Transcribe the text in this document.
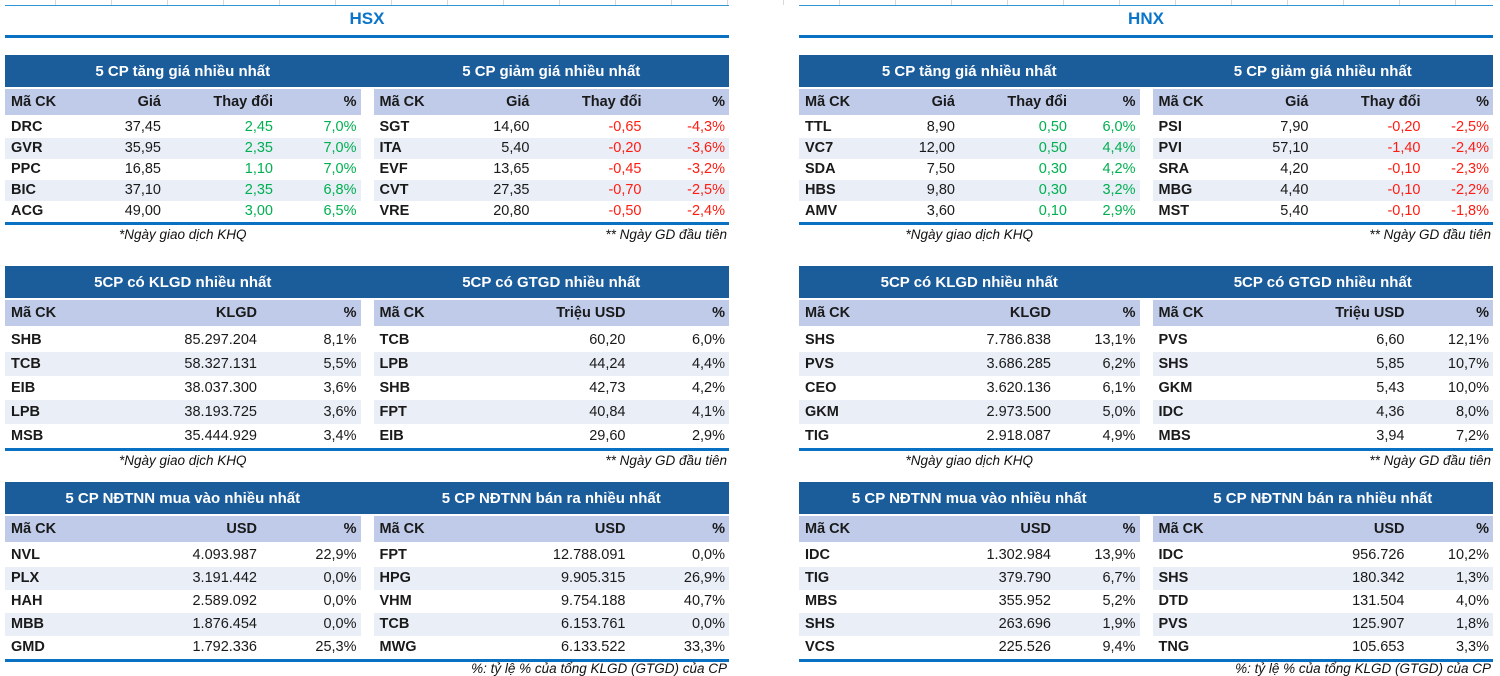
HSX
5 CP tăng giá nhiều nhất	5 CP giảm giá nhiều nhất
Mã CK	Giá	Thay đổi	%
DRC	37,45	2,45	7,0%
GVR	35,95	2,35	7,0%
PPC	16,85	1,10	7,0%
BIC	37,10	2,35	6,8%
ACG	49,00	3,00	6,5%
Mã CK	Giá	Thay đổi	%
SGT	14,60	-0,65	-4,3%
ITA	5,40	-0,20	-3,6%
EVF	13,65	-0,45	-3,2%
CVT	27,35	-0,70	-2,5%
VRE	20,80	-0,50	-2,4%
*Ngày giao dịch KHQ	** Ngày GD đầu tiên
5CP có KLGD nhiều nhất	5CP có GTGD nhiều nhất
Mã CK	KLGD	%
SHB	85.297.204	8,1%
TCB	58.327.131	5,5%
EIB	38.037.300	3,6%
LPB	38.193.725	3,6%
MSB	35.444.929	3,4%
Mã CK	Triệu USD	%
TCB	60,20	6,0%
LPB	44,24	4,4%
SHB	42,73	4,2%
FPT	40,84	4,1%
EIB	29,60	2,9%
*Ngày giao dịch KHQ	** Ngày GD đầu tiên
5 CP NĐTNN mua vào nhiều nhất	5 CP NĐTNN bán ra nhiều nhất
Mã CK	USD	%
NVL	4.093.987	22,9%
PLX	3.191.442	0,0%
HAH	2.589.092	0,0%
MBB	1.876.454	0,0%
GMD	1.792.336	25,3%
Mã CK	USD	%
FPT	12.788.091	0,0%
HPG	9.905.315	26,9%
VHM	9.754.188	40,7%
TCB	6.153.761	0,0%
MWG	6.133.522	33,3%
%: tỷ lệ % của tổng KLGD (GTGD) của CP
HNX
5 CP tăng giá nhiều nhất	5 CP giảm giá nhiều nhất
Mã CK	Giá	Thay đổi	%
TTL	8,90	0,50	6,0%
VC7	12,00	0,50	4,4%
SDA	7,50	0,30	4,2%
HBS	9,80	0,30	3,2%
AMV	3,60	0,10	2,9%
Mã CK	Giá	Thay đổi	%
PSI	7,90	-0,20	-2,5%
PVI	57,10	-1,40	-2,4%
SRA	4,20	-0,10	-2,3%
MBG	4,40	-0,10	-2,2%
MST	5,40	-0,10	-1,8%
*Ngày giao dịch KHQ	** Ngày GD đầu tiên
5CP có KLGD nhiều nhất	5CP có GTGD nhiều nhất
Mã CK	KLGD	%
SHS	7.786.838	13,1%
PVS	3.686.285	6,2%
CEO	3.620.136	6,1%
GKM	2.973.500	5,0%
TIG	2.918.087	4,9%
Mã CK	Triệu USD	%
PVS	6,60	12,1%
SHS	5,85	10,7%
GKM	5,43	10,0%
IDC	4,36	8,0%
MBS	3,94	7,2%
*Ngày giao dịch KHQ	** Ngày GD đầu tiên
5 CP NĐTNN mua vào nhiều nhất	5 CP NĐTNN bán ra nhiều nhất
Mã CK	USD	%
IDC	1.302.984	13,9%
TIG	379.790	6,7%
MBS	355.952	5,2%
SHS	263.696	1,9%
VCS	225.526	9,4%
Mã CK	USD	%
IDC	956.726	10,2%
SHS	180.342	1,3%
DTD	131.504	4,0%
PVS	125.907	1,8%
TNG	105.653	3,3%
%: tỷ lệ % của tổng KLGD (GTGD) của CP
